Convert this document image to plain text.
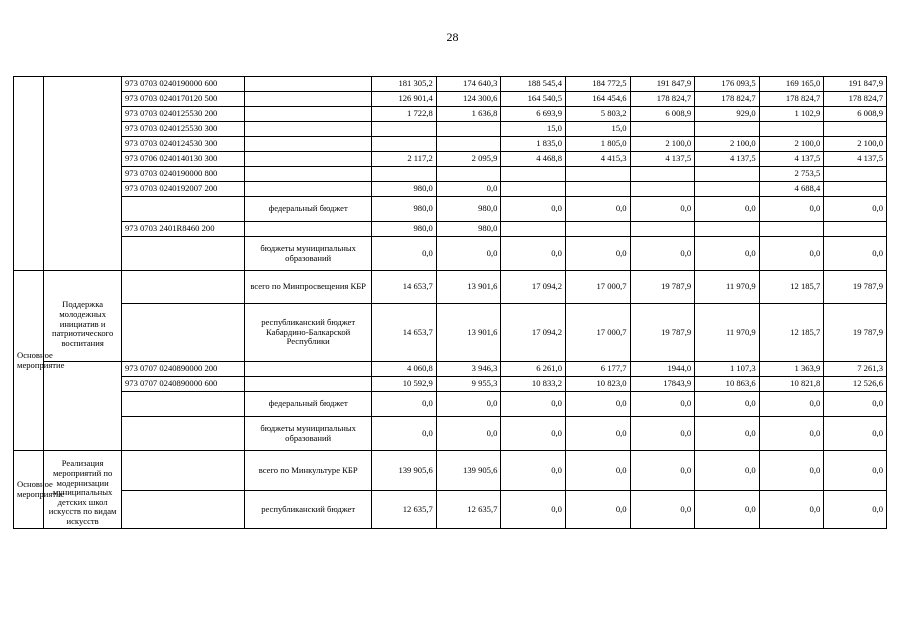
28
		973 0703 0240190000 600		181 305,2	174 640,3	188 545,4	184 772,5	191 847,9	176 093,5	169 165,0	191 847,9
		973 0703 0240170120 500		126 901,4	124 300,6	164 540,5	164 454,6	178 824,7	178 824,7	178 824,7	178 824,7
		973 0703 0240125530 200		1 722,8	1 636,8	6 693,9	5 803,2	6 008,9	929,0	1 102,9	6 008,9
		973 0703 0240125530 300				15,0	15,0				
		973 0703 0240124530 300				1 835,0	1 805,0	2 100,0	2 100,0	2 100,0	2 100,0
		973 0706 0240140130 300		2 117,2	2 095,9	4 468,8	4 415,3	4 137,5	4 137,5	4 137,5	4 137,5
		973 0703 0240190000 800								2 753,5	
		973 0703 0240192007 200		980,0	0,0					4 688,4	
			федеральный бюджет	980,0	980,0	0,0	0,0	0,0	0,0	0,0	0,0
		973 0703 2401R8460 200		980,0	980,0						
			бюджеты муниципальных образований	0,0	0,0	0,0	0,0	0,0	0,0	0,0	0,0
Основное мероприятие	Поддержка молодежных инициатив и патриотического воспитания		всего по Минпросвещения КБР	14 653,7	13 901,6	17 094,2	17 000,7	19 787,9	11 970,9	12 185,7	19 787,9
			республиканский бюджет Кабардино-Балкарской Республики	14 653,7	13 901,6	17 094,2	17 000,7	19 787,9	11 970,9	12 185,7	19 787,9
		973 0707 0240890000 200		4 060,8	3 946,3	6 261,0	6 177,7	1944,0	1 107,3	1 363,9	7 261,3
		973 0707 0240890000 600		10 592,9	9 955,3	10 833,2	10 823,0	17843,9	10 863,6	10 821,8	12 526,6
			федеральный бюджет	0,0	0,0	0,0	0,0	0,0	0,0	0,0	0,0
			бюджеты муниципальных образований	0,0	0,0	0,0	0,0	0,0	0,0	0,0	0,0
Основное мероприятие	Реализация мероприятий по модернизации муниципальных детских школ искусств по видам искусств		всего по Минкультуре КБР	139 905,6	139 905,6	0,0	0,0	0,0	0,0	0,0	0,0
			республиканский бюджет	12 635,7	12 635,7	0,0	0,0	0,0	0,0	0,0	0,0
